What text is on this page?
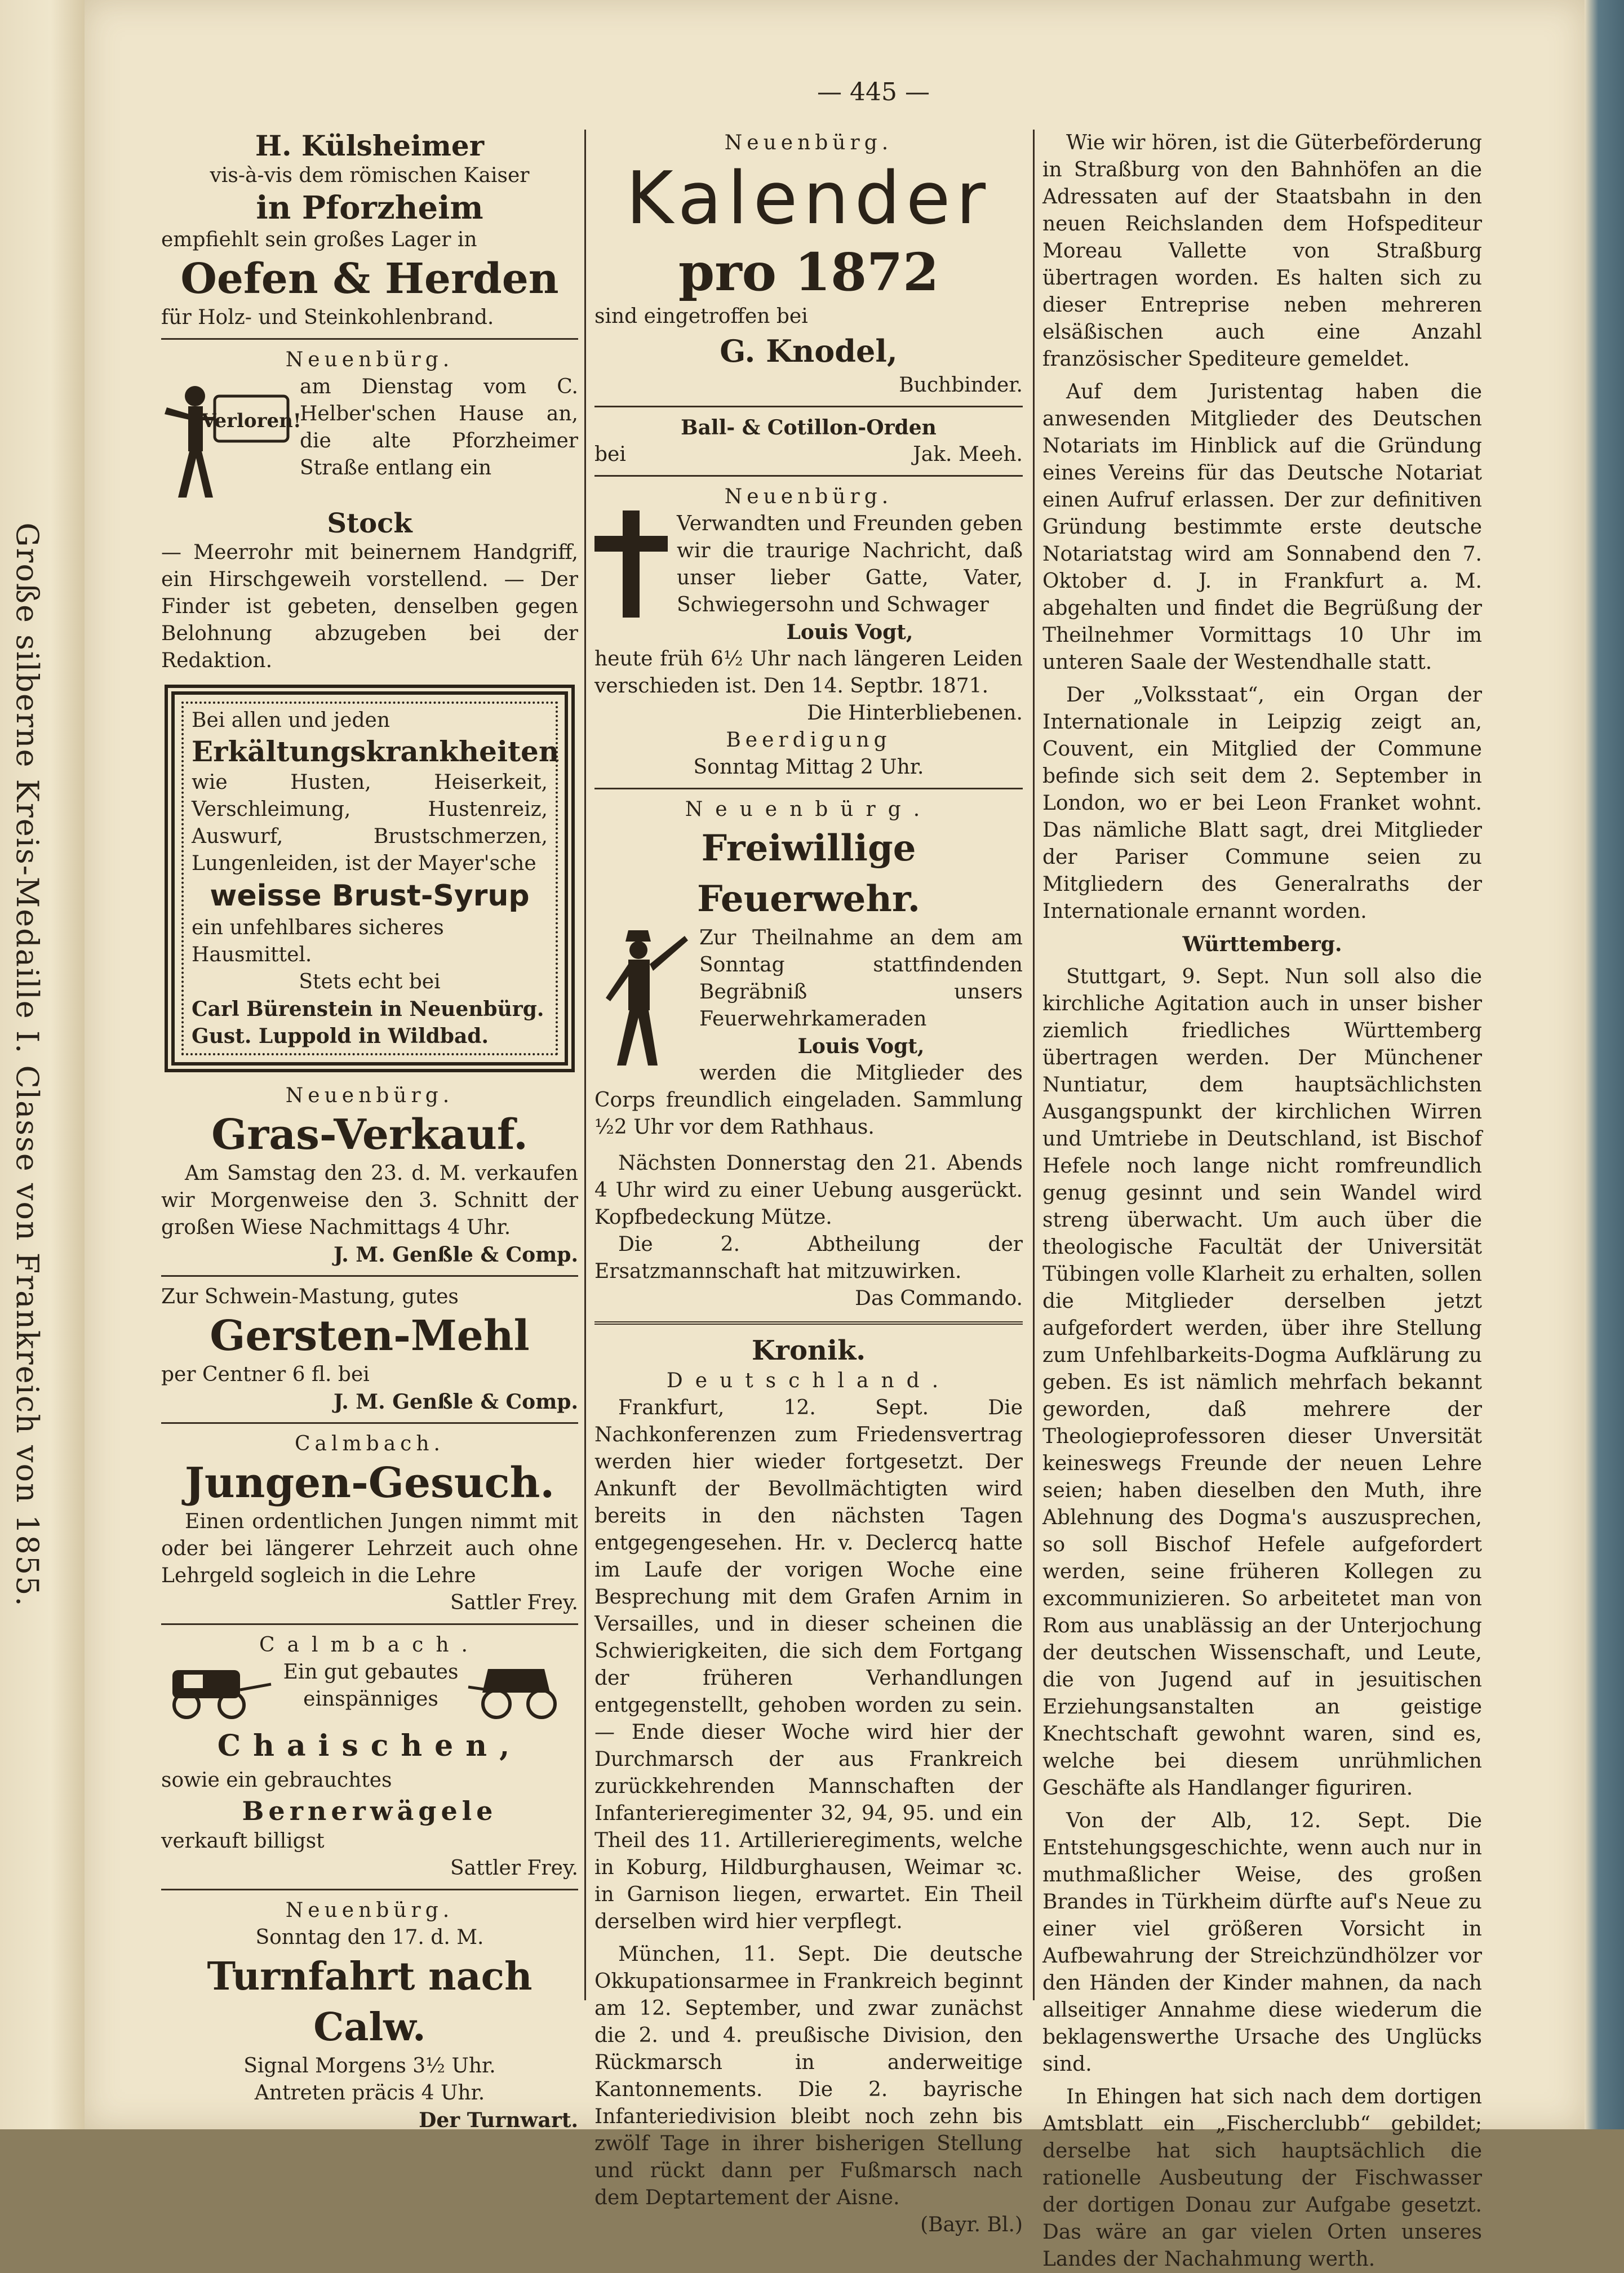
Große silberne Kreis-Medaille I. Classe von Frankreich von 1855.
— 445 —
H. Külsheimer
vis-à-vis dem römischen Kaiser
in Pforzheim
empfiehlt sein großes Lager in
Oefen & Herden
für Holz- und Steinkohlenbrand.
Neuenbürg.
Verloren!
am Dienstag vom C. Helber'schen Hause an, die alte Pforzheimer Straße entlang ein
Stock
— Meerrohr mit beinernem Handgriff, ein Hirschgeweih vorstellend. — Der Finder ist gebeten, denselben gegen Belohnung abzugeben bei der Redaktion.
Bei allen und jeden
Erkältungskrankheiten
wie Husten, Heiserkeit, Verschleimung, Hustenreiz, Auswurf, Brustschmerzen, Lungenleiden, ist der Mayer'sche
weisse Brust-Syrup
ein unfehlbares sicheres Hausmittel.
Stets echt bei
Carl Bürenstein in Neuenbürg.
Gust. Luppold in Wildbad.
Neuenbürg.
Gras-Verkauf.
Am Samstag den 23. d. M. verkaufen wir Morgenweise den 3. Schnitt der großen Wiese Nachmittags 4 Uhr.
J. M. Genßle & Comp.
Zur Schwein-Mastung, gutes
Gersten-Mehl
per Centner 6 fl. bei
J. M. Genßle & Comp.
Calmbach.
Jungen-Gesuch.
Einen ordentlichen Jungen nimmt mit oder bei längerer Lehrzeit auch ohne Lehrgeld sogleich in die Lehre
Sattler Frey.
Calmbach.
Ein gut gebautes einspänniges
Chaischen,
sowie ein gebrauchtes
Bernerwägele
verkauft billigst
Sattler Frey.
Neuenbürg.
Sonntag den 17. d. M.
Turnfahrt nach Calw.
Signal Morgens 3½ Uhr.
Antreten präcis 4 Uhr.
Der Turnwart.
Neuenbürg.
Kalender
pro 1872
sind eingetroffen bei
G. Knodel,
Buchbinder.
Ball- & Cotillon-Orden
bei	Jak. Meeh.
Neuenbürg.
Verwandten und Freunden geben wir die traurige Nachricht, daß unser lieber Gatte, Vater, Schwiegersohn und Schwager
Louis Vogt,
heute früh 6½ Uhr nach längeren Leiden verschieden ist. Den 14. Septbr. 1871.
Die Hinterbliebenen.
Beerdigung
Sonntag Mittag 2 Uhr.
Neuenbürg.
Freiwillige Feuerwehr.
Zur Theilnahme an dem am Sonntag stattfindenden Begräbniß unsers Feuerwehrkameraden
Louis Vogt,
werden die Mitglieder des Corps freundlich eingeladen. Sammlung ½2 Uhr vor dem Rathhaus.
Nächsten Donnerstag den 21. Abends 4 Uhr wird zu einer Uebung ausgerückt. Kopfbedeckung Mütze.
Die 2. Abtheilung der Ersatzmannschaft hat mitzuwirken.
Das Commando.
Kronik.
Deutschland.
Frankfurt, 12. Sept. Die Nachkonferenzen zum Friedensvertrag werden hier wieder fortgesetzt. Der Ankunft der Bevollmächtigten wird bereits in den nächsten Tagen entgegengesehen. Hr. v. Declercq hatte im Laufe der vorigen Woche eine Besprechung mit dem Grafen Arnim in Versailles, und in dieser scheinen die Schwierigkeiten, die sich dem Fortgang der früheren Verhandlungen entgegenstellt, gehoben worden zu sein. — Ende dieser Woche wird hier der Durchmarsch der aus Frankreich zurückkehrenden Mannschaften der Infanterieregimenter 32, 94, 95. und ein Theil des 11. Artillerieregiments, welche in Koburg, Hildburghausen, Weimar ꝛc. in Garnison liegen, erwartet. Ein Theil derselben wird hier verpflegt.
München, 11. Sept. Die deutsche Okkupationsarmee in Frankreich beginnt am 12. September, und zwar zunächst die 2. und 4. preußische Division, den Rückmarsch in anderweitige Kantonnements. Die 2. bayrische Infanteriedivision bleibt noch zehn bis zwölf Tage in ihrer bisherigen Stellung und rückt dann per Fußmarsch nach dem Deptartement der Aisne.
(Bayr. Bl.)
Wie wir hören, ist die Güterbeförderung in Straßburg von den Bahnhöfen an die Adressaten auf der Staatsbahn in den neuen Reichslanden dem Hofspediteur Moreau Vallette von Straßburg übertragen worden. Es halten sich zu dieser Entreprise neben mehreren elsäßischen auch eine Anzahl französischer Spediteure gemeldet.
Auf dem Juristentag haben die anwesenden Mitglieder des Deutschen Notariats im Hinblick auf die Gründung eines Vereins für das Deutsche Notariat einen Aufruf erlassen. Der zur definitiven Gründung bestimmte erste deutsche Notariatstag wird am Sonnabend den 7. Oktober d. J. in Frankfurt a. M. abgehalten und findet die Begrüßung der Theilnehmer Vormittags 10 Uhr im unteren Saale der Westendhalle statt.
Der „Volksstaat“, ein Organ der Internationale in Leipzig zeigt an, Couvent, ein Mitglied der Commune befinde sich seit dem 2. September in London, wo er bei Leon Franket wohnt. Das nämliche Blatt sagt, drei Mitglieder der Pariser Commune seien zu Mitgliedern des Generalraths der Internationale ernannt worden.
Württemberg.
Stuttgart, 9. Sept. Nun soll also die kirchliche Agitation auch in unser bisher ziemlich friedliches Württemberg übertragen werden. Der Münchener Nuntiatur, dem hauptsächlichsten Ausgangspunkt der kirchlichen Wirren und Umtriebe in Deutschland, ist Bischof Hefele noch lange nicht romfreundlich genug gesinnt und sein Wandel wird streng überwacht. Um auch über die theologische Facultät der Universität Tübingen volle Klarheit zu erhalten, sollen die Mitglieder derselben jetzt aufgefordert werden, über ihre Stellung zum Unfehlbarkeits-Dogma Aufklärung zu geben. Es ist nämlich mehrfach bekannt geworden, daß mehrere der Theologieprofessoren dieser Unversität keineswegs Freunde der neuen Lehre seien; haben dieselben den Muth, ihre Ablehnung des Dogma's auszusprechen, so soll Bischof Hefele aufgefordert werden, seine früheren Kollegen zu excommunizieren. So arbeitetet man von Rom aus unablässig an der Unterjochung der deutschen Wissenschaft, und Leute, die von Jugend auf in jesuitischen Erziehungsanstalten an geistige Knechtschaft gewohnt waren, sind es, welche bei diesem unrühmlichen Geschäfte als Handlanger figuriren.
Von der Alb, 12. Sept. Die Entstehungsgeschichte, wenn auch nur in muthmaßlicher Weise, des großen Brandes in Türkheim dürfte auf's Neue zu einer viel größeren Vorsicht in Aufbewahrung der Streichzündhölzer vor den Händen der Kinder mahnen, da nach allseitiger Annahme diese wiederum die beklagenswerthe Ursache des Unglücks sind.
In Ehingen hat sich nach dem dortigen Amtsblatt ein „Fischerclubb“ gebildet; derselbe hat sich hauptsächlich die rationelle Ausbeutung der Fischwasser der dortigen Donau zur Aufgabe gesetzt. Das wäre an gar vielen Orten unseres Landes der Nachahmung werth.
